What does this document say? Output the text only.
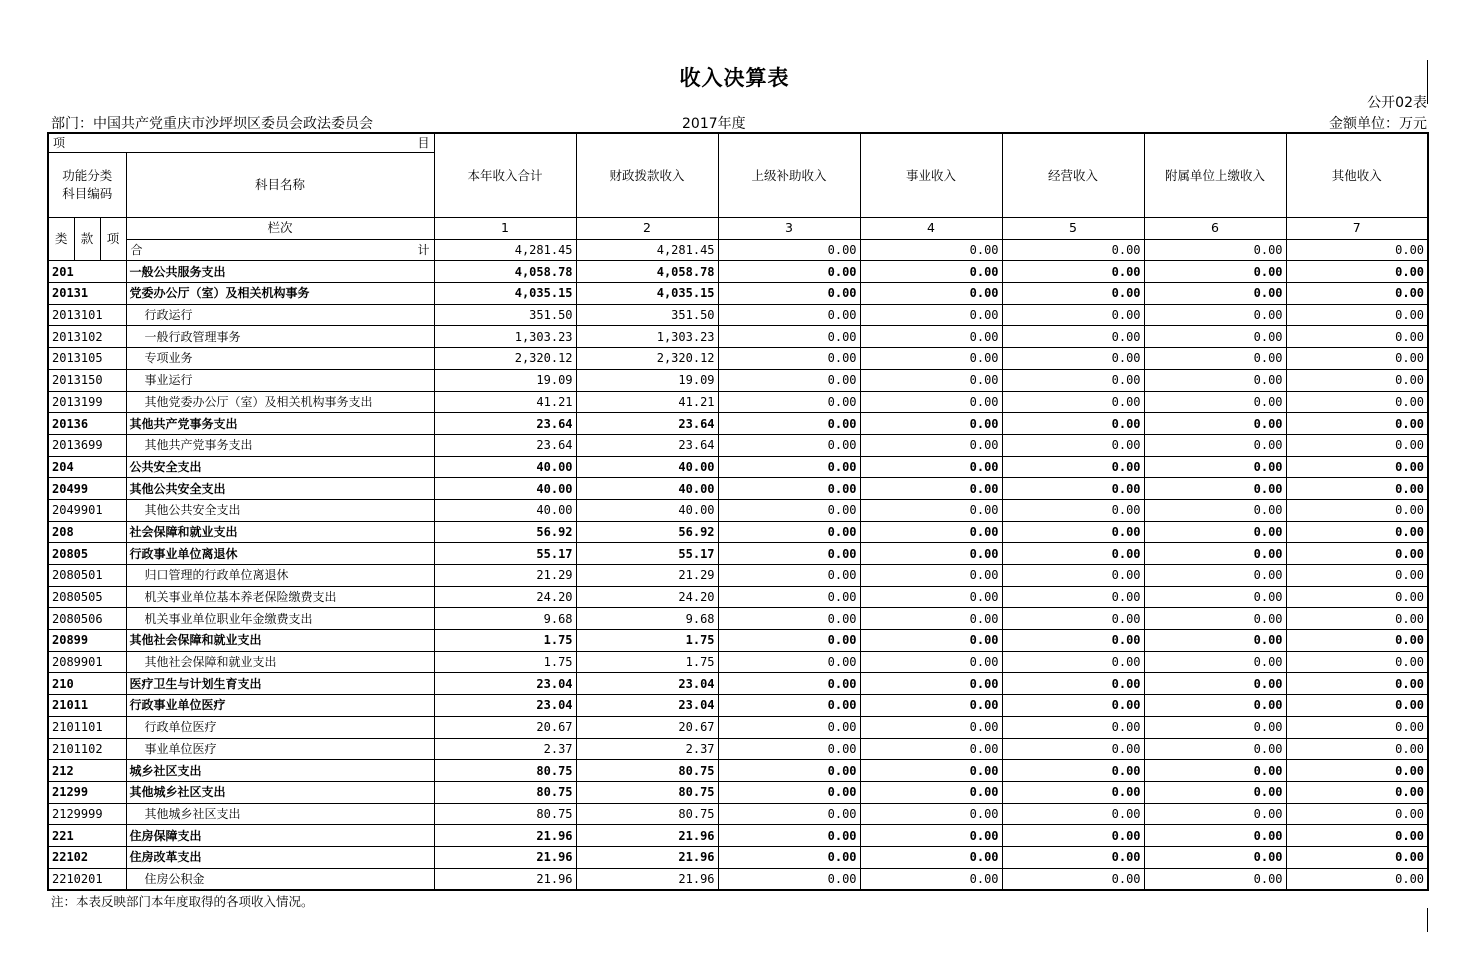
收入决算表
公开02表
部门：中国共产党重庆市沙坪坝区委员会政法委员会	2017年度	金额单位：万元
项 目				本年收入合计	财政拨款收入	上级补助收入	事业收入	经营收入	附属单位上缴收入	其他收入
功能分类科目编码			科目名称							
类	款	项	栏次	1	2	3	4	5	6	7

			合 计	4,281.45	4,281.45	0.00	0.00	0.00	0.00	0.00
201			一般公共服务支出	4,058.78	4,058.78	0.00	0.00	0.00	0.00	0.00
20131			党委办公厅（室）及相关机构事务	4,035.15	4,035.15	0.00	0.00	0.00	0.00	0.00
2013101			行政运行	351.50	351.50	0.00	0.00	0.00	0.00	0.00
2013102			一般行政管理事务	1,303.23	1,303.23	0.00	0.00	0.00	0.00	0.00
2013105			专项业务	2,320.12	2,320.12	0.00	0.00	0.00	0.00	0.00
2013150			事业运行	19.09	19.09	0.00	0.00	0.00	0.00	0.00
2013199			其他党委办公厅（室）及相关机构事务支出	41.21	41.21	0.00	0.00	0.00	0.00	0.00
20136			其他共产党事务支出	23.64	23.64	0.00	0.00	0.00	0.00	0.00
2013699			其他共产党事务支出	23.64	23.64	0.00	0.00	0.00	0.00	0.00
204			公共安全支出	40.00	40.00	0.00	0.00	0.00	0.00	0.00
20499			其他公共安全支出	40.00	40.00	0.00	0.00	0.00	0.00	0.00
2049901			其他公共安全支出	40.00	40.00	0.00	0.00	0.00	0.00	0.00
208			社会保障和就业支出	56.92	56.92	0.00	0.00	0.00	0.00	0.00
20805			行政事业单位离退休	55.17	55.17	0.00	0.00	0.00	0.00	0.00
2080501			归口管理的行政单位离退休	21.29	21.29	0.00	0.00	0.00	0.00	0.00
2080505			机关事业单位基本养老保险缴费支出	24.20	24.20	0.00	0.00	0.00	0.00	0.00
2080506			机关事业单位职业年金缴费支出	9.68	9.68	0.00	0.00	0.00	0.00	0.00
20899			其他社会保障和就业支出	1.75	1.75	0.00	0.00	0.00	0.00	0.00
2089901			其他社会保障和就业支出	1.75	1.75	0.00	0.00	0.00	0.00	0.00
210			医疗卫生与计划生育支出	23.04	23.04	0.00	0.00	0.00	0.00	0.00
21011			行政事业单位医疗	23.04	23.04	0.00	0.00	0.00	0.00	0.00
2101101			行政单位医疗	20.67	20.67	0.00	0.00	0.00	0.00	0.00
2101102			事业单位医疗	2.37	2.37	0.00	0.00	0.00	0.00	0.00
212			城乡社区支出	80.75	80.75	0.00	0.00	0.00	0.00	0.00
21299			其他城乡社区支出	80.75	80.75	0.00	0.00	0.00	0.00	0.00
2129999			其他城乡社区支出	80.75	80.75	0.00	0.00	0.00	0.00	0.00
221			住房保障支出	21.96	21.96	0.00	0.00	0.00	0.00	0.00
22102			住房改革支出	21.96	21.96	0.00	0.00	0.00	0.00	0.00
2210201			住房公积金	21.96	21.96	0.00	0.00	0.00	0.00	0.00
注：本表反映部门本年度取得的各项收入情况。
